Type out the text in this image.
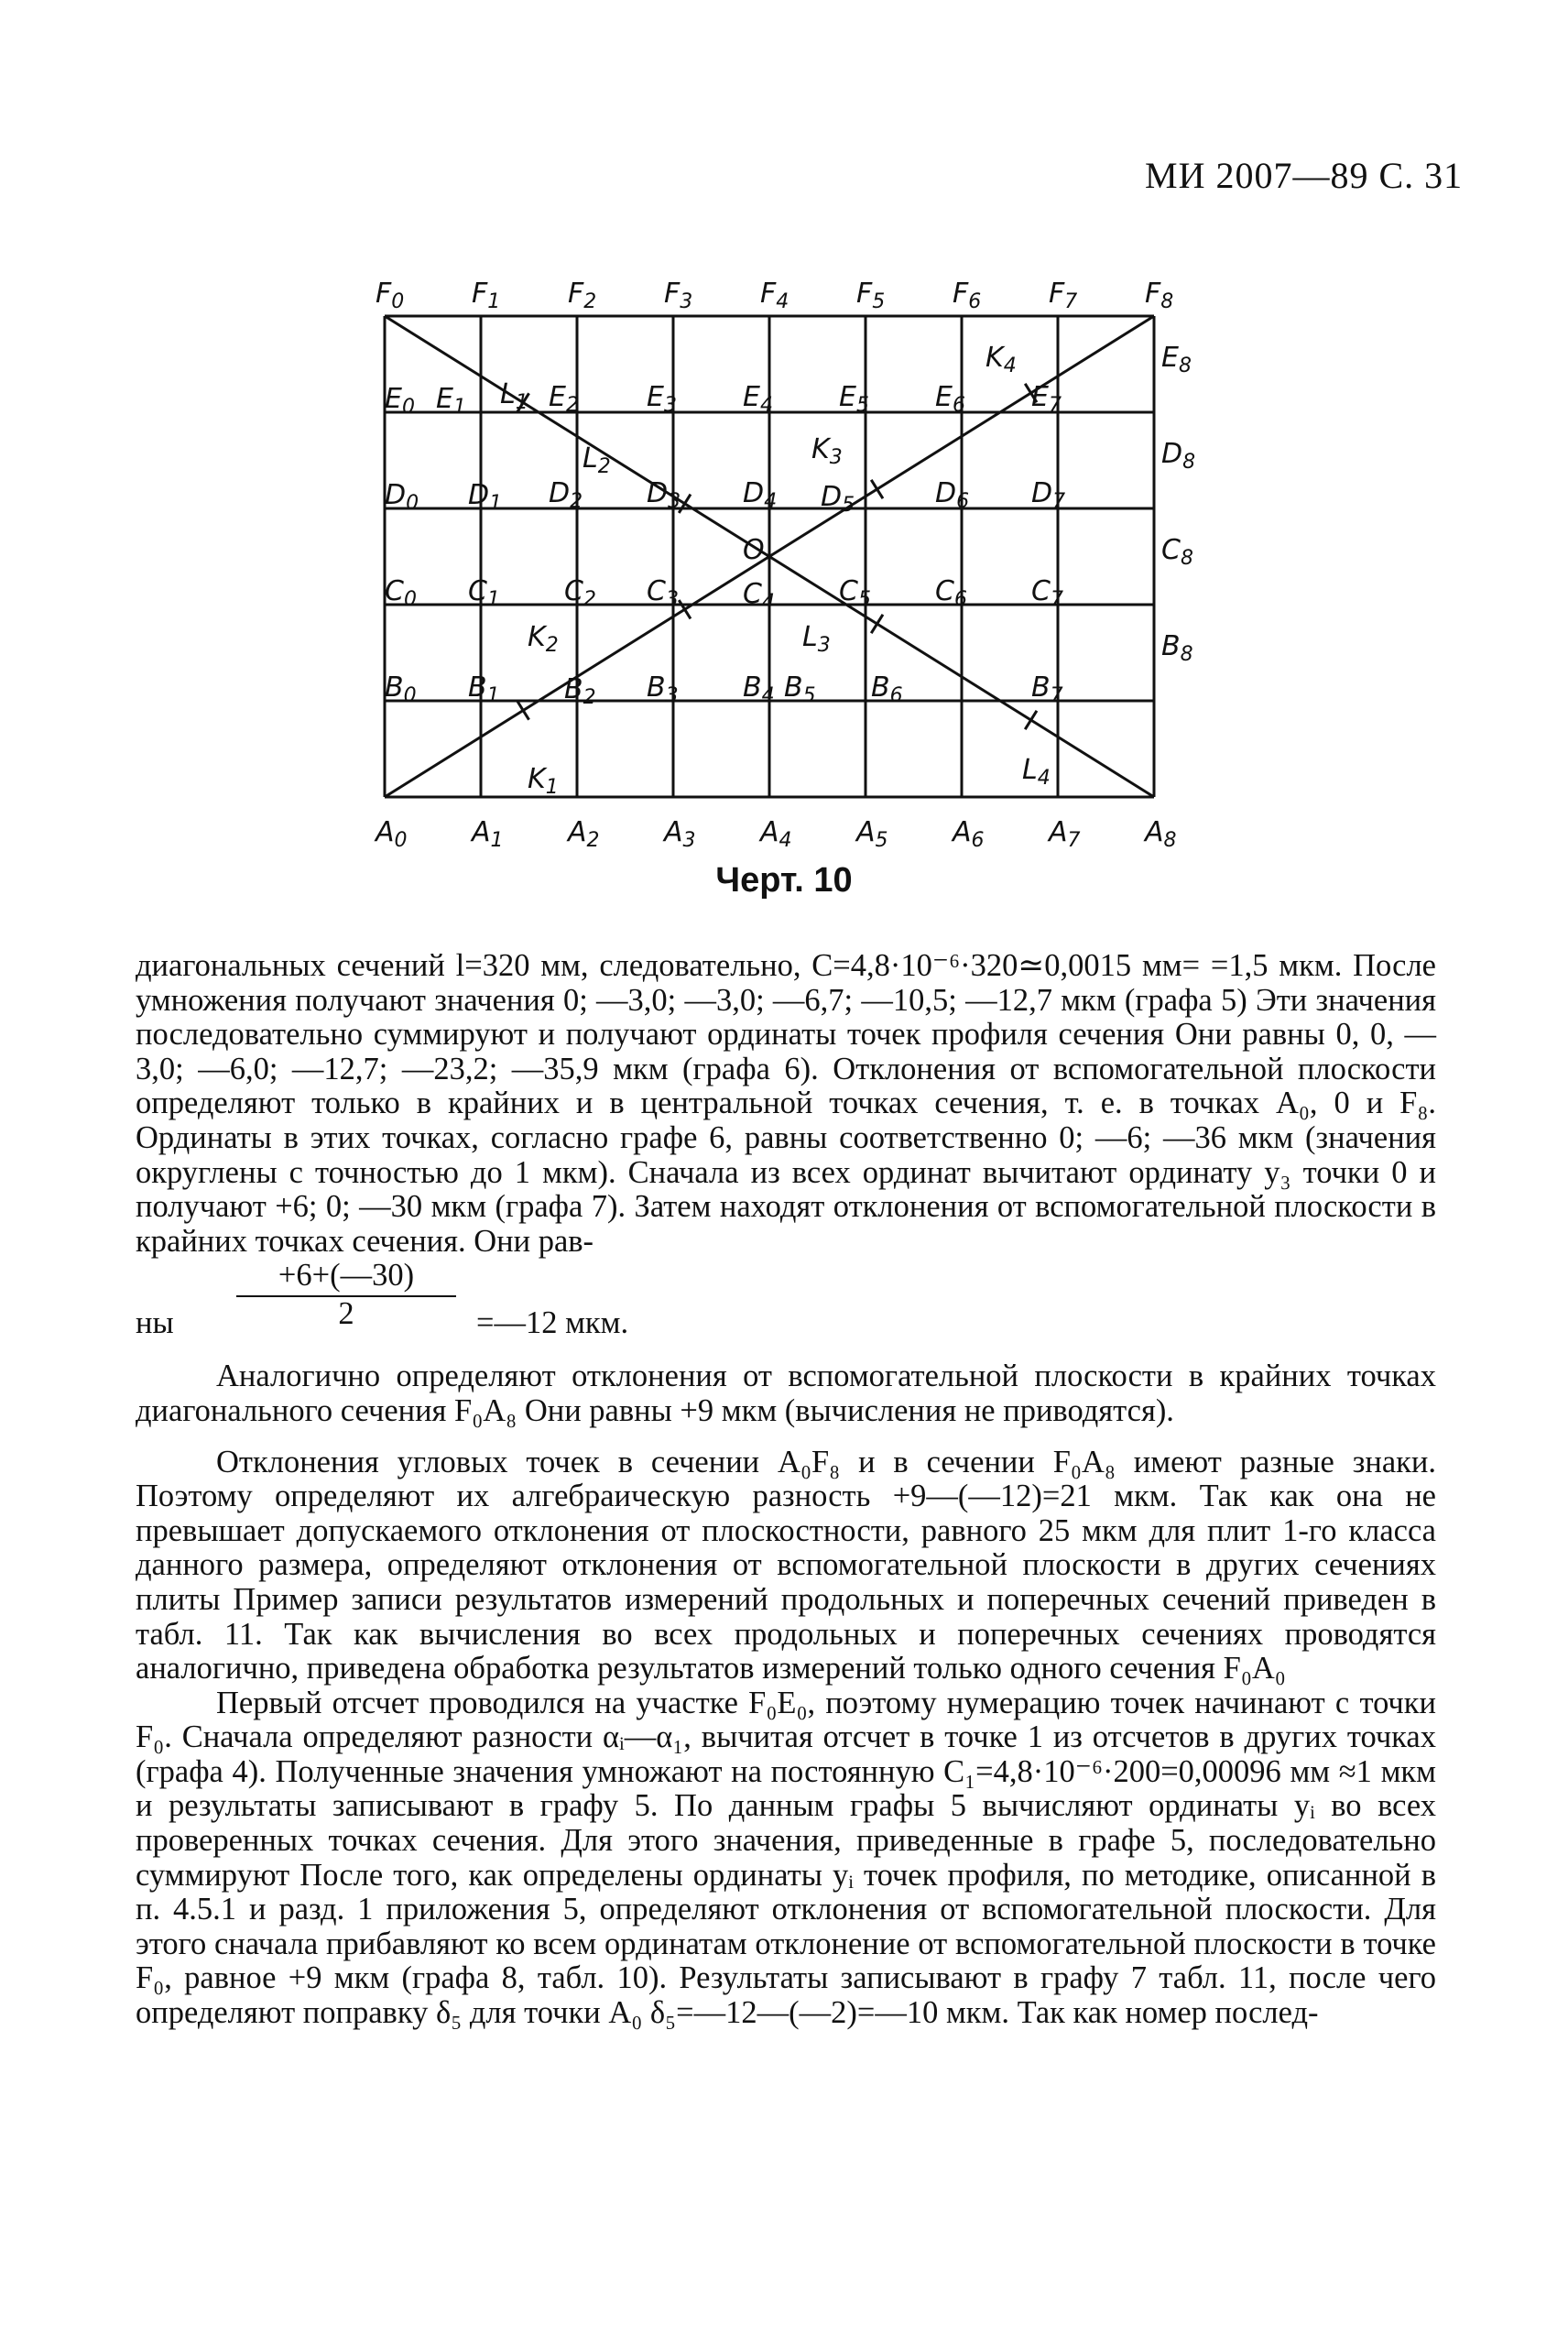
МИ 2007—89 С. 31
$F_0$ $F_1$ $F_2$ $F_3$ $F_4$ $F_5$ $F_6$ $F_7$ $F_8$
$A_0$ $A_1$ $A_2$ $A_3$ $A_4$ $A_5$ $A_6$ $A_7$ $A_8$
$E_8$
$D_8$
$C_8$
$B_8$
$E_0$ $E_1$ $L_1$ $E_2$ $E_3$ $E_4$ $E_5$ $E_6$
$K_4$
$E_7$
$D_0$ $D_1$ $D_2$
$L_2$
$D_3$ $D_4$
$K_3$
$D_5$	$D_6$ $D_7$
$C_0$ $C_1$ $C_2$ $C_3$
O
$C_4$ $C_5$ $C_6$ $C_7$
$B_0$ $B_1$
$K_2$
$B_2$ $B_3$ $B_4$ $B_5$
$L_3$
$B_6$	$B_7$
$K_1$
$L_4$
Черт. 10

диагональных сечений l=320 мм, следовательно, C=4,8·10⁻⁶·320≃0,0015 мм= =1,5 мкм. После умножения получают значения 0; —3,0; —3,0; —6,7; —10,5; —12,7 мкм (графа 5) Эти значения последовательно суммируют и получают ординаты точек профиля сечения Они равны 0, 0, —3,0; —6,0; —12,7; —23,2; —35,9 мкм (графа 6). Отклонения от вспомогательной плоскости определяют только в крайних и в центральной точках сечения, т. е. в точках A₀, 0 и F₈. Ординаты в этих точках, согласно графе 6, равны соответственно 0; —6; —36 мкм (значения округлены с точностью до 1 мкм). Сначала из всех ординат вычитают ординату y₃ точки 0 и получают +6; 0; —30 мкм (графа 7). Затем находят отклонения от вспомогательной плоскости в крайних точках сечения. Они рав-

ны $\frac{+6+(—30)}{2}$ =—12 мкм.

Аналогично определяют отклонения от вспомогательной плоскости в крайних точках диагонального сечения F₀A₈ Они равны +9 мкм (вычисления не приводятся).

Отклонения угловых точек в сечении A₀F₈ и в сечении F₀A₈ имеют разные знаки. Поэтому определяют их алгебраическую разность +9—(—12)=21 мкм. Так как она не превышает допускаемого отклонения от плоскостности, равного 25 мкм для плит 1-го класса данного размера, определяют отклонения от вспомогательной плоскости в других сечениях плиты Пример записи результатов измерений продольных и поперечных сечений приведен в табл. 11. Так как вычисления во всех продольных и поперечных сечениях проводятся аналогично, приведена обработка результатов измерений только одного сечения F₀A₀

Первый отсчет проводился на участке F₀E₀, поэтому нумерацию точек начинают с точки F₀. Сначала определяют разности αᵢ—α₁, вычитая отсчет в точке 1 из отсчетов в других точках (графа 4). Полученные значения умножают на постоянную C₁=4,8·10⁻⁶·200=0,00096 мм ≈1 мкм и результаты записывают в графу 5. По данным графы 5 вычисляют ординаты yᵢ во всех проверенных точках сечения. Для этого значения, приведенные в графе 5, последовательно суммируют После того, как определены ординаты yᵢ точек профиля, по методике, описанной в п. 4.5.1 и разд. 1 приложения 5, определяют отклонения от вспомогательной плоскости. Для этого сначала прибавляют ко всем ординатам отклонение от вспомогательной плоскости в точке F₀, равное +9 мкм (графа 8, табл. 10). Результаты записывают в графу 7 табл. 11, после чего определяют поправку δ₅ для точки A₀ δ₅=—12—(—2)=—10 мкм. Так как номер послед-
